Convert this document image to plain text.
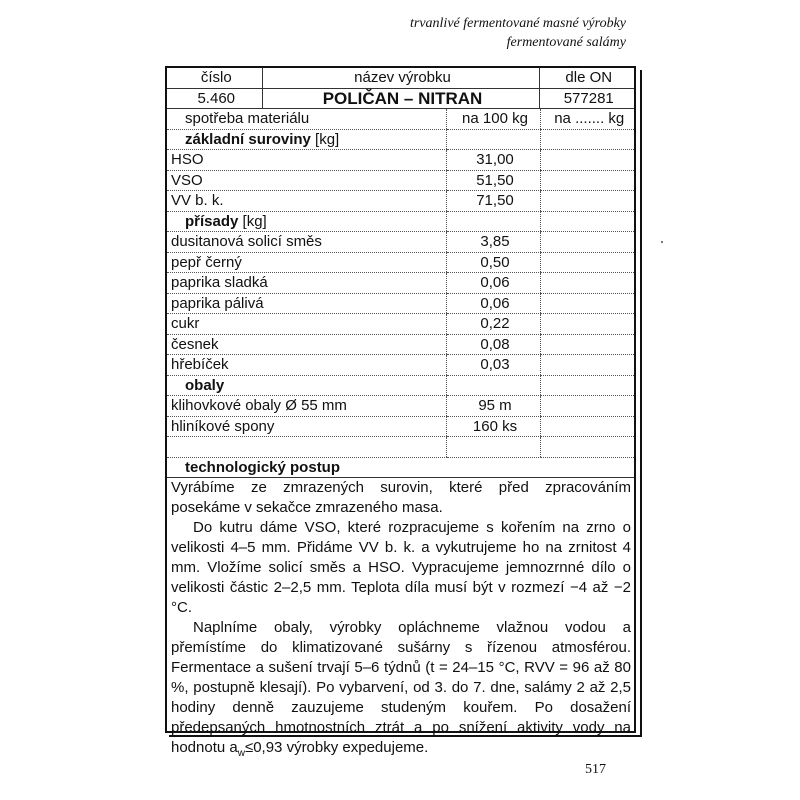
trvanlivé fermentované masné výrobky
fermentované salámy
číslo	název výrobku	dle ON
5.460	POLIČAN – NITRAN	577281
spotřeba materiálu	na 100 kg	na ....... kg
základní suroviny [kg]		
HSO	31,00	
VSO	51,50	
VV b. k.	71,50	
přísady [kg]		
dusitanová solicí směs	3,85	
pepř černý	0,50	
paprika sladká	0,06	
paprika pálivá	0,06	
cukr	0,22	
česnek	0,08	
hřebíček	0,03	
obaly		
klihovkové obaly Ø 55 mm	95 m	
hliníkové spony	160 ks	

technologický postup		

Vyrábíme ze zmrazených surovin, které před zpracováním posekáme v sekačce zmrazeného masa.

Do kutru dáme VSO, které rozpracujeme s kořením na zrno o velikosti 4–5 mm. Přidáme VV b. k. a vykutrujeme ho na zrnitost 4 mm. Vložíme solicí směs a HSO. Vypracujeme jemnozrnné dílo o velikosti částic 2–2,5 mm. Teplota díla musí být v rozmezí −4 až −2 °C.

Naplníme obaly, výrobky opláchneme vlažnou vodou a přemístíme do klimatizované sušárny s řízenou atmosférou. Fermentace a sušení trvají 5–6 týdnů (t = 24–15 °C, RVV = 96 až 80 %, postupně klesají). Po vybarvení, od 3. do 7. dne, salámy 2 až 2,5 hodiny denně zauzujeme studeným kouřem. Po dosažení předepsaných hmotnostních ztrát a po snížení aktivity vody na hodnotu $a_w\le 0,93$ výrobky expedujeme.

517
